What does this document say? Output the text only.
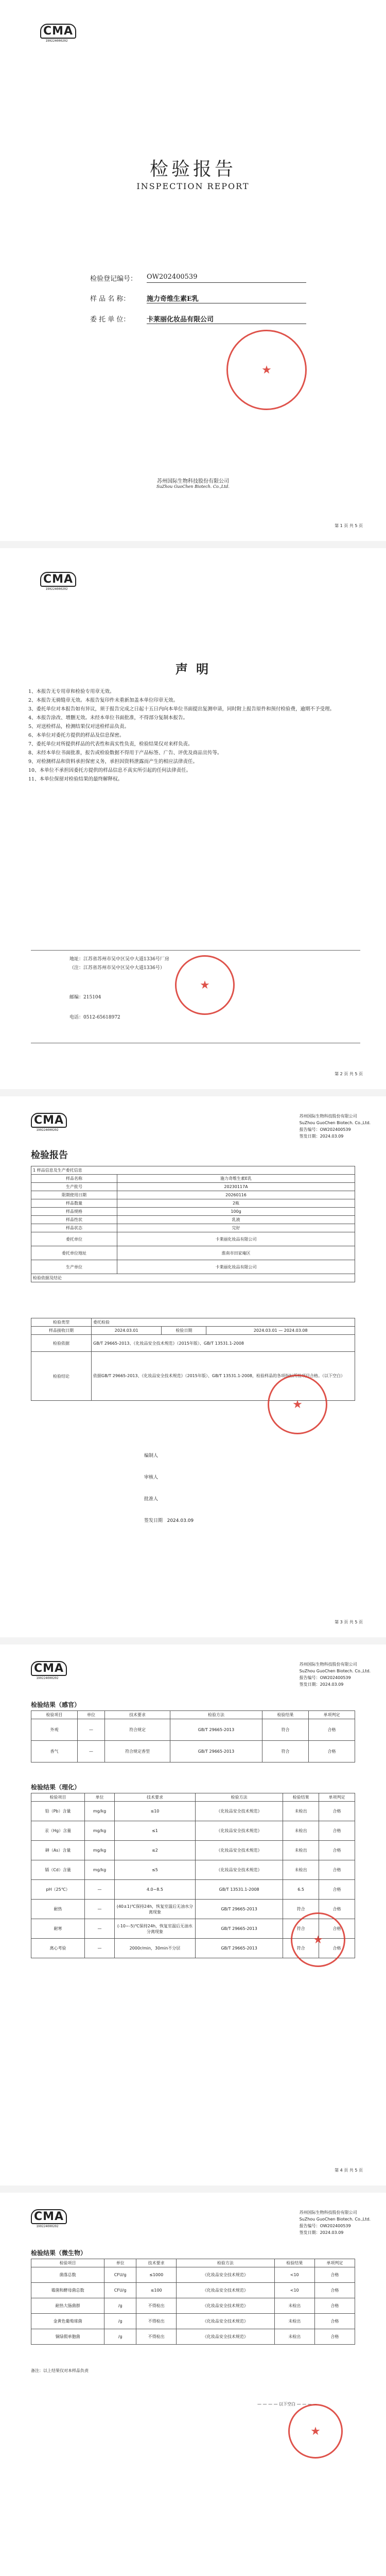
CMA
190224000202
检验报告
INSPECTION REPORT
检验登记编号：	OW202400539
样 品 名 称：	施力奇维生素E乳
委 托 单 位：	卡莱丽化妆品有限公司
★
苏州国际生物科技股份有限公司
SuZhou GuoChen Biotech. Co.,Ltd.
第 1 页 共 5 页
CMA
190224000202
声 明
1、本报告无专用章和检验专用章无效。
2、本报告无骑缝章无效。本报告复印件未重新加盖本单位印章无效。
3、委托单位对本报告如有异议，须于报告完成之日起十五日内向本单位书面提出复测申请，同时附上报告原件和预付检验费，逾期不予受理。
4、本报告涂改、增删无效。未经本单位书面批准，不得部分复制本报告。
5、对送检样品，检测结果仅对送检样品负责。
6、本单位对委托方提供的样品及信息保密。
7、委托单位对所提供样品的代表性和真实性负责，检验结果仅对来样负责。
8、未经本单位书面批准，报告或检验数据不得用于产品标签、广告、评优及商品宣传等。
9、对检测样品和资料承担保密义务，承担因资料泄露而产生的相应法律责任。
10、本单位不承担因委托方提供的样品信息不真实所引起的任何法律责任。
11、本单位保留对检验结果的最终解释权。
地址：江苏省苏州市吴中区吴中大道1336号厂房
（注：江苏省苏州市吴中区吴中大道1336号）
邮编：215104
电话：0512-65618972
★
第 2 页 共 5 页
CMA
190224000202
苏州国际生物科技股份有限公司
SuZhou GuoChen Biotech. Co.,Ltd.
报告编号：OW202400539
签发日期：2024.03.09
检验报告
1 样品信息及生产委托信息	
样品名称	施力奇维生素E乳
生产批号	20230117A
限期使用日期	20260116
样品数量	2瓶
样品规格	100g
样品性状	乳液
样品状态	完好
委托单位	卡莱丽化妆品有限公司
委托单位地址	淮南市田家庵区
生产单位	卡莱丽化妆品有限公司
检验依据及结论	
检验类型	委托检验		
样品接收日期	2024.03.01	检验日期	2024.03.01 — 2024.03.08
检验依据	GB/T 29665-2013、《化妆品安全技术规范》（2015年版）、GB/T 13531.1-2008		
检验结论	依据GB/T 29665-2013、《化妆品安全技术规范》（2015年版）、GB/T 13531.1-2008，检验样品的各项指标所检项目合格。（以下空白）		
★
编制人
审核人
批准人
签发日期 2024.03.09
第 3 页 共 5 页
CMA
190224000202
苏州国际生物科技股份有限公司
SuZhou GuoChen Biotech. Co.,Ltd.
报告编号：OW202400539
签发日期：2024.03.09
检验结果（感官）
检验项目	单位	技术要求	检验方法	检验结果	单项判定
外观	—	符合规定	GB/T 29665-2013	符合	合格
香气	—	符合规定香型	GB/T 29665-2013	符合	合格
检验结果（理化）
检验项目	单位	技术要求	检验方法	检验结果	单项判定
铅（Pb）含量	mg/kg	≤10	《化妆品安全技术规范》	未检出	合格
汞（Hg）含量	mg/kg	≤1	《化妆品安全技术规范》	未检出	合格
砷（As）含量	mg/kg	≤2	《化妆品安全技术规范》	未检出	合格
镉（Cd）含量	mg/kg	≤5	《化妆品安全技术规范》	未检出	合格
pH（25℃）	—	4.0~8.5	GB/T 13531.1-2008	6.5	合格
耐热	—	(40±1)℃保持24h，恢复室温后无油水分离现象	GB/T 29665-2013	符合	合格
耐寒	—	(-10~-5)℃保持24h，恢复室温后无油水分离现象	GB/T 29665-2013	符合	合格
离心考验	—	2000r/min，30min不分层	GB/T 29665-2013	符合	合格
★
第 4 页 共 5 页
CMA
190224000202
苏州国际生物科技股份有限公司
SuZhou GuoChen Biotech. Co.,Ltd.
报告编号：OW202400539
签发日期：2024.03.09
检验结果（微生物）
检验项目	单位	技术要求	检验方法	检验结果	单项判定
菌落总数	CFU/g	≤1000	《化妆品安全技术规范》	<10	合格
霉菌和酵母菌总数	CFU/g	≤100	《化妆品安全技术规范》	<10	合格
耐热大肠菌群	/g	不得检出	《化妆品安全技术规范》	未检出	合格
金黄色葡萄球菌	/g	不得检出	《化妆品安全技术规范》	未检出	合格
铜绿假单胞菌	/g	不得检出	《化妆品安全技术规范》	未检出	合格
备注：以上结果仅对本样品负责
— — — — 以下空白 — — — —
★
